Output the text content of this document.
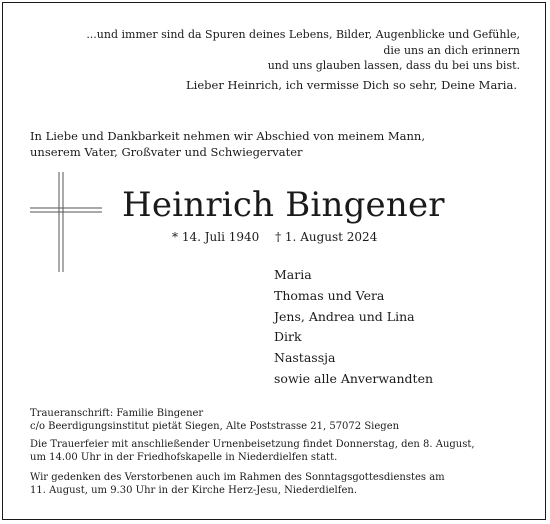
...und immer sind da Spuren deines Lebens, Bilder, Augenblicke und Gefühle,
die uns an dich erinnern
und uns glauben lassen, dass du bei uns bist.
Lieber Heinrich, ich vermisse Dich so sehr, Deine Maria.
In Liebe und Dankbarkeit nehmen wir Abschied von meinem Mann,
unserem Vater, Großvater und Schwiegervater
Heinrich Bingener
* 14. Juli 1940 † 1. August 2024
Maria
Thomas und Vera
Jens, Andrea und Lina
Dirk
Nastassja
sowie alle Anverwandten
Traueranschrift: Familie Bingener
c/o Beerdigungsinstitut pietät Siegen, Alte Poststrasse 21, 57072 Siegen
Die Trauerfeier mit anschließender Urnenbeisetzung findet Donnerstag, den 8. August,
um 14.00 Uhr in der Friedhofskapelle in Niederdielfen statt.
Wir gedenken des Verstorbenen auch im Rahmen des Sonntagsgottesdienstes am
11. August, um 9.30 Uhr in der Kirche Herz-Jesu, Niederdielfen.
